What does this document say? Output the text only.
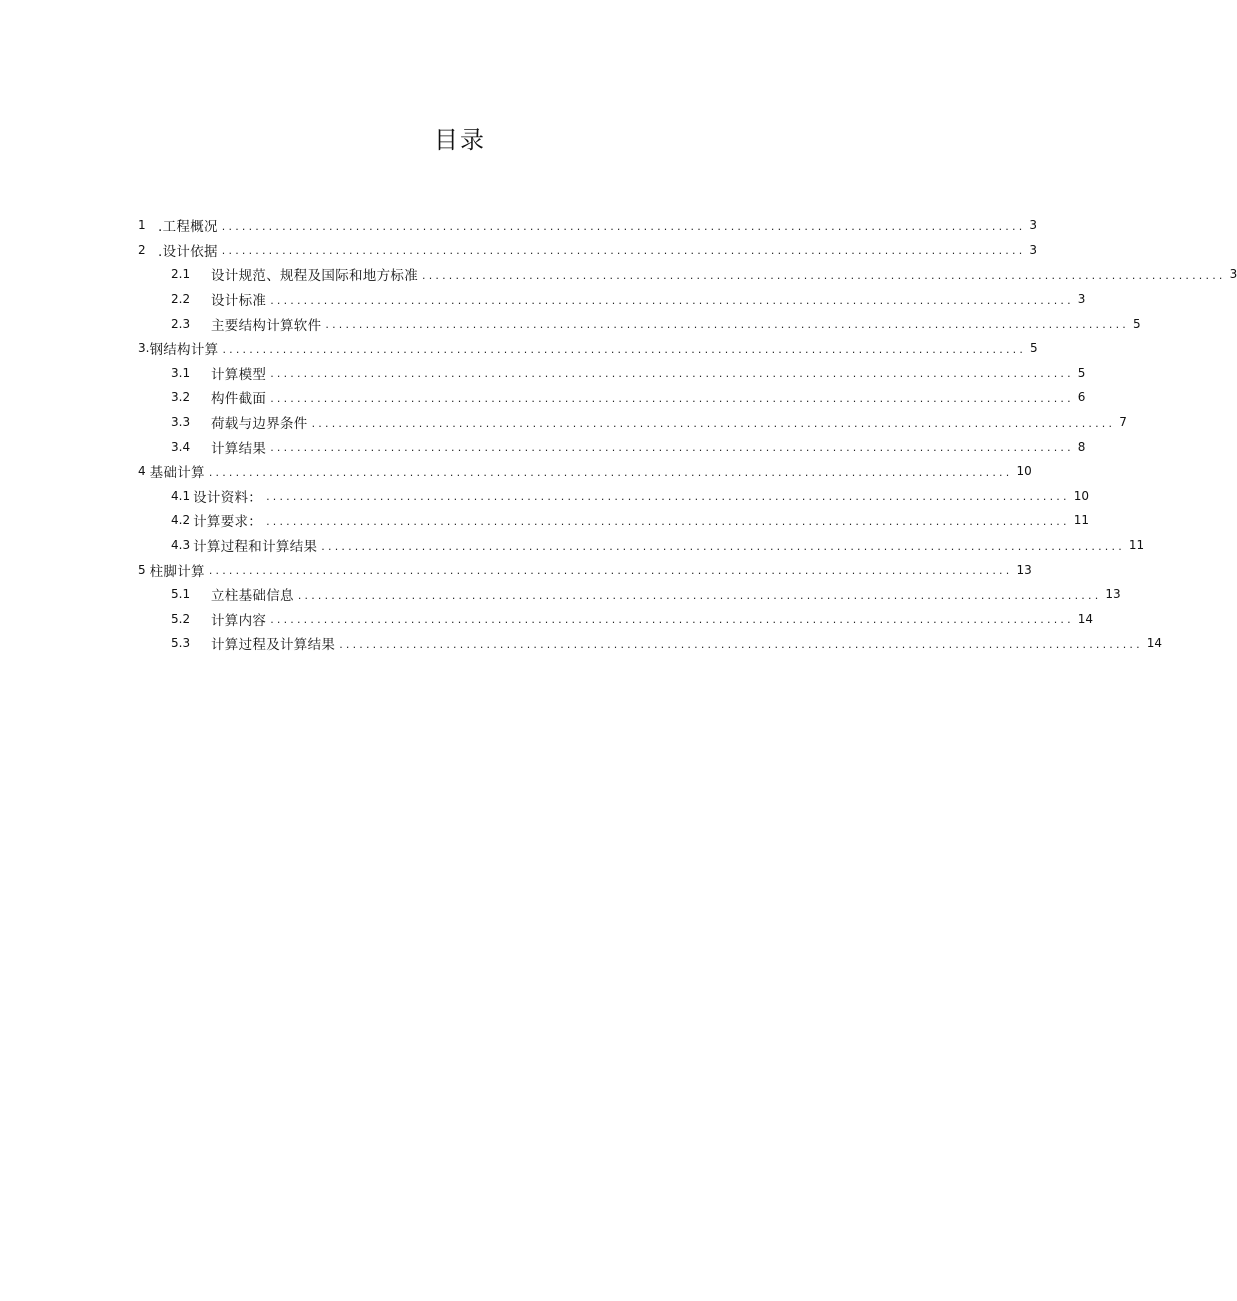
目录
1 .工程概况 ........................................................................................................................ 3
2 .设计依据 ........................................................................................................................ 3
2.1	设计规范、规程及国际和地方标准 ........................................................................................................................ 3
2.2	设计标准 ........................................................................................................................ 3
2.3	主要结构计算软件 ........................................................................................................................ 5
3. 钢结构计算 ........................................................................................................................ 5
3.1	计算模型 ........................................................................................................................ 5
3.2	构件截面 ........................................................................................................................ 6
3.3	荷载与边界条件 ........................................................................................................................ 7
3.4	计算结果 ........................................................................................................................ 8
4 基础计算 ........................................................................................................................ 10
4.1 设计资料： ........................................................................................................................ 10
4.2 计算要求： ........................................................................................................................ 11
4.3 计算过程和计算结果 ........................................................................................................................ 11
5 柱脚计算 ........................................................................................................................ 13
5.1	立柱基础信息 ........................................................................................................................ 13
5.2	计算内容 ........................................................................................................................ 14
5.3	计算过程及计算结果 ........................................................................................................................ 14
